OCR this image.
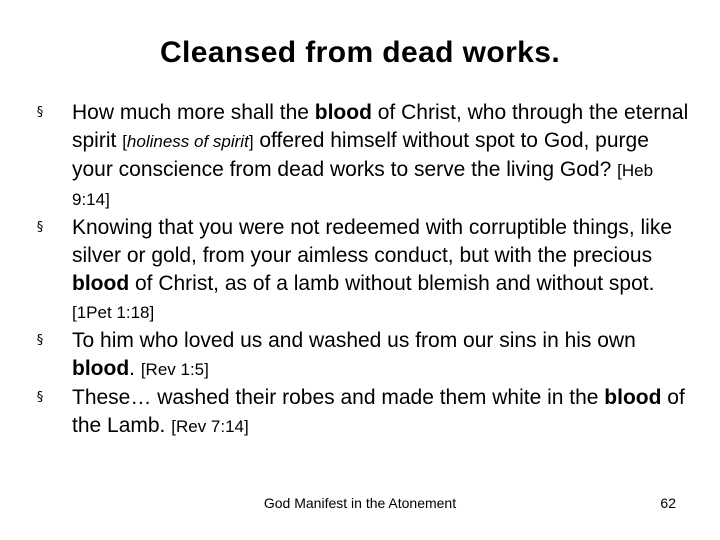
Cleansed from dead works.
§ How much more shall the blood of Christ, who through the eternal spirit [holiness of spirit] offered himself without spot to God, purge your conscience from dead works to serve the living God? [Heb 9:14]
§ Knowing that you were not redeemed with corruptible things, like silver or gold, from your aimless conduct, but with the precious blood of Christ, as of a lamb without blemish and without spot. [1Pet 1:18]
§ To him who loved us and washed us from our sins in his own blood. [Rev 1:5]
§ These… washed their robes and made them white in the blood of the Lamb. [Rev 7:14]
God Manifest in the Atonement	62
